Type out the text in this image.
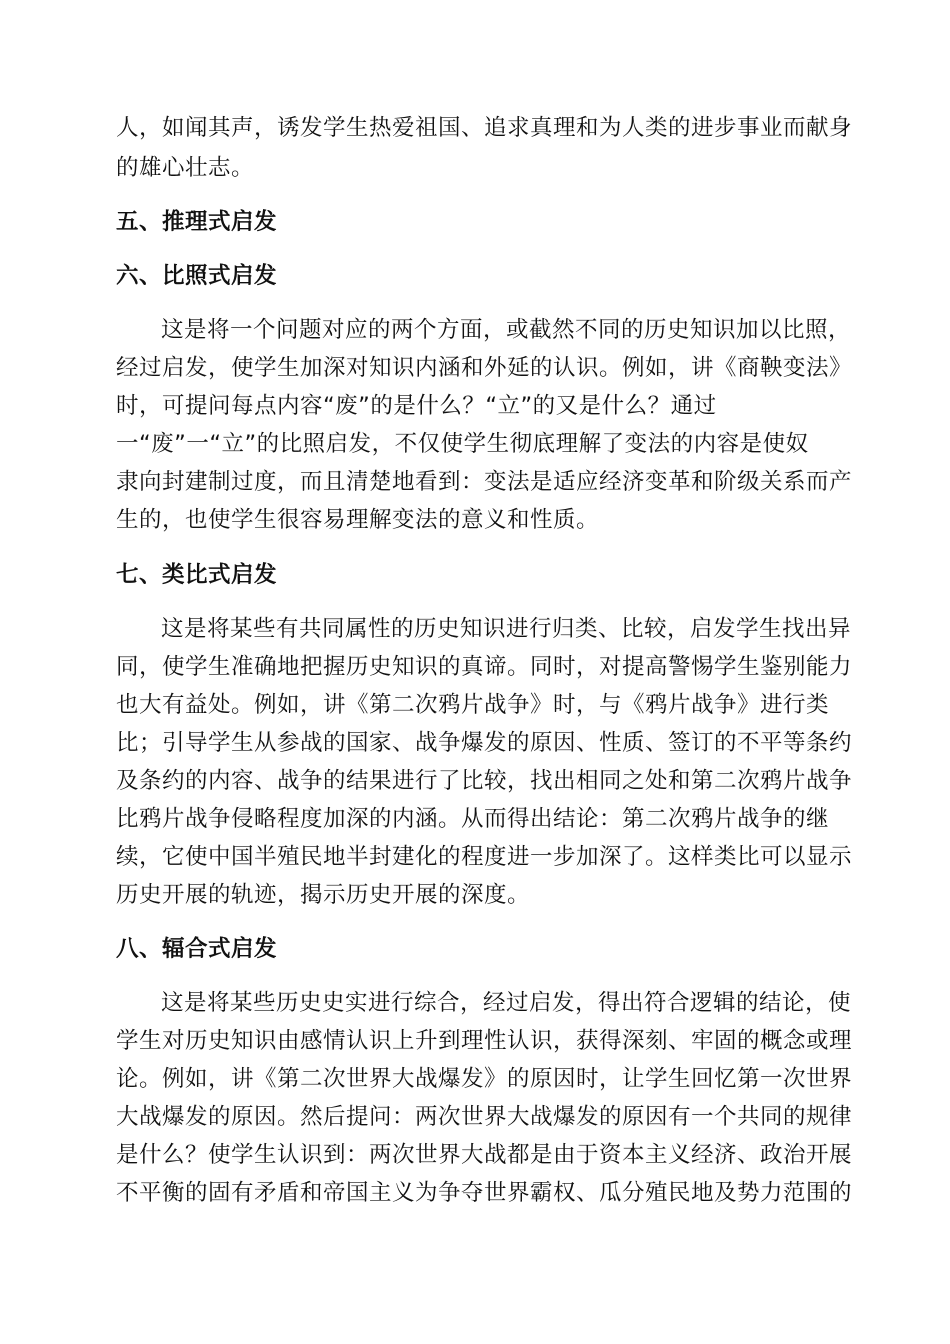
人，如闻其声，诱发学生热爱祖国、追求真理和为人类的进步事业而献身
的雄心壮志。
五、推理式启发
六、比照式启发
这是将一个问题对应的两个方面，或截然不同的历史知识加以比照，
经过启发，使学生加深对知识内涵和外延的认识。例如，讲《商鞅变法》
时，可提问每点内容“废”的是什么？“立”的又是什么？通过
一“废”一“立”的比照启发，不仅使学生彻底理解了变法的内容是使奴
隶向封建制过度，而且清楚地看到：变法是适应经济变革和阶级关系而产
生的，也使学生很容易理解变法的意义和性质。
七、类比式启发
这是将某些有共同属性的历史知识进行归类、比较，启发学生找出异
同，使学生准确地把握历史知识的真谛。同时，对提高警惕学生鉴别能力
也大有益处。例如，讲《第二次鸦片战争》时，与《鸦片战争》进行类
比；引导学生从参战的国家、战争爆发的原因、性质、签订的不平等条约
及条约的内容、战争的结果进行了比较，找出相同之处和第二次鸦片战争
比鸦片战争侵略程度加深的内涵。从而得出结论：第二次鸦片战争的继
续，它使中国半殖民地半封建化的程度进一步加深了。这样类比可以显示
历史开展的轨迹，揭示历史开展的深度。
八、辐合式启发
这是将某些历史史实进行综合，经过启发，得出符合逻辑的结论，使
学生对历史知识由感情认识上升到理性认识，获得深刻、牢固的概念或理
论。例如，讲《第二次世界大战爆发》的原因时，让学生回忆第一次世界
大战爆发的原因。然后提问：两次世界大战爆发的原因有一个共同的规律
是什么？使学生认识到：两次世界大战都是由于资本主义经济、政治开展
不平衡的固有矛盾和帝国主义为争夺世界霸权、瓜分殖民地及势力范围的
